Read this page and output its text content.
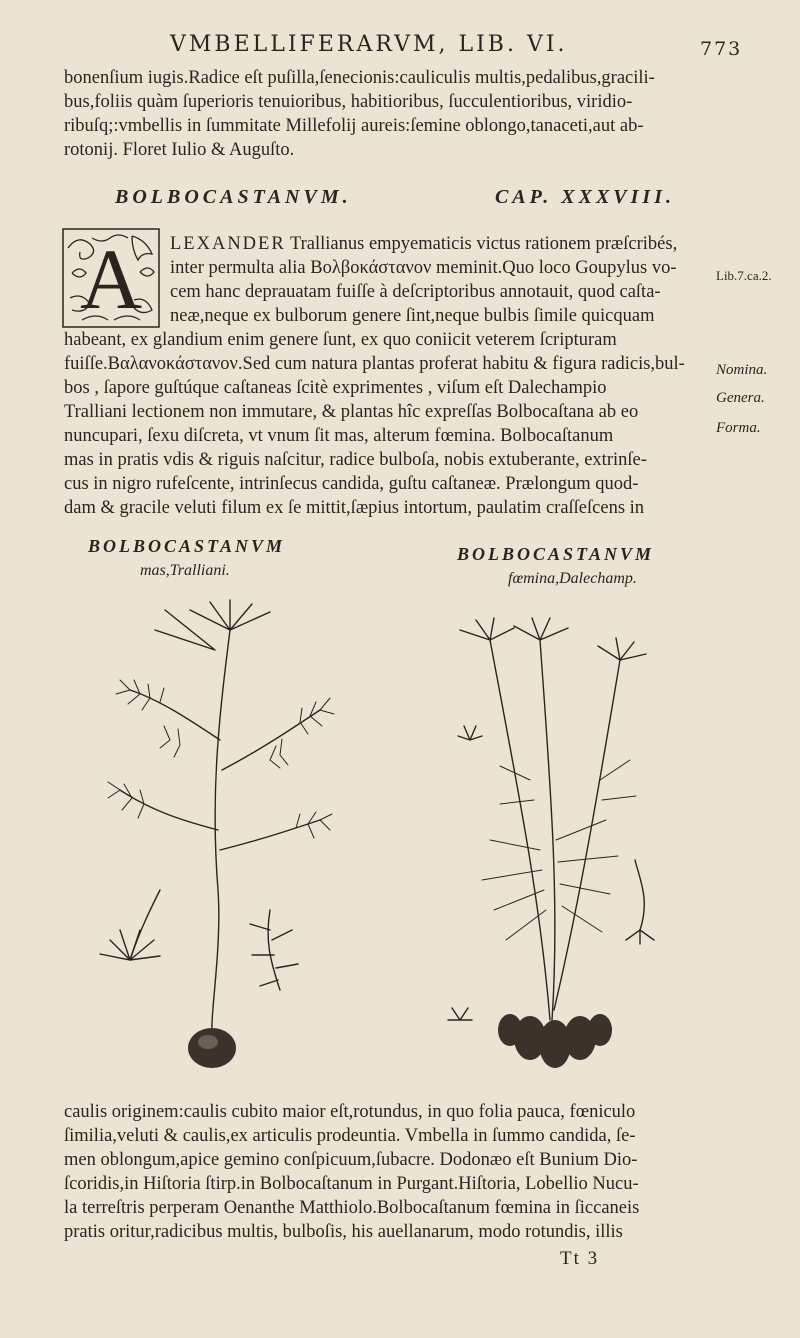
VMBELLIFERARVM, LIB. VI.	773
bonenſium iugis.Radice eſt puſilla,ſenecionis:cauliculis multis,pedalibus,gracili-
bus,foliis quàm ſuperioris tenuioribus, habitioribus, ſucculentioribus, viridio-
ribuſq;:vmbellis in ſummitate Millefolij aureis:ſemine oblongo,tanaceti,aut ab-
rotonij. Floret Iulio & Auguſto.
BOLBOCASTANVM.	CAP. XXXVIII.
A LEXANDER Trallianus empyematicis victus rationem præſcribés,
inter permulta alia Βολβοκάστανον meminit.Quo loco Goupylus vo-
cem hanc deprauatam fuiſſe à deſcriptoribus annotauit, quod caſta-
neæ,neque ex bulborum genere ſint,neque bulbis ſimile quicquam
habeant, ex glandium enim genere ſunt, ex quo coniicit veterem ſcripturam
fuiſſe.Βαλανοκάστανον.Sed cum natura plantas proferat habitu & figura radicis,bul-
bos , ſapore guſtúque caſtaneas ſcitè exprimentes , viſum eſt Dalechampio
Tralliani lectionem non immutare, & plantas hîc expreſſas Bolbocaſtana ab eo
nuncupari, ſexu diſcreta, vt vnum ſit mas, alterum fœmina. Bolbocaſtanum
mas in pratis vdis & riguis naſcitur, radice bulboſa, nobis extuberante, extrinſe-
cus in nigro rufeſcente, intrinſecus candida, guſtu caſtaneæ. Prælongum quod-
dam & gracile veluti filum ex ſe mittit,ſæpius intortum, paulatim craſſeſcens in
Lib.7.ca.2.
Nomina.
Genera.
Forma.
BOLBOCASTANVM
mas,Tralliani.
BOLBOCASTANVM
fœmina,Dalechamp.
caulis originem:caulis cubito maior eſt,rotundus, in quo folia pauca, fœniculo
ſimilia,veluti & caulis,ex articulis prodeuntia. Vmbella in ſummo candida, ſe-
men oblongum,apice gemino conſpicuum,ſubacre. Dodonæo eſt Bunium Dio-
ſcoridis,in Hiſtoria ſtirp.in Bolbocaſtanum in Purgant.Hiſtoria, Lobellio Nucu-
la terreſtris perperam Oenanthe Matthiolo.Bolbocaſtanum fœmina in ſiccaneis
pratis oritur,radicibus multis, bulboſis, his auellanarum, modo rotundis, illis
Tt 3
